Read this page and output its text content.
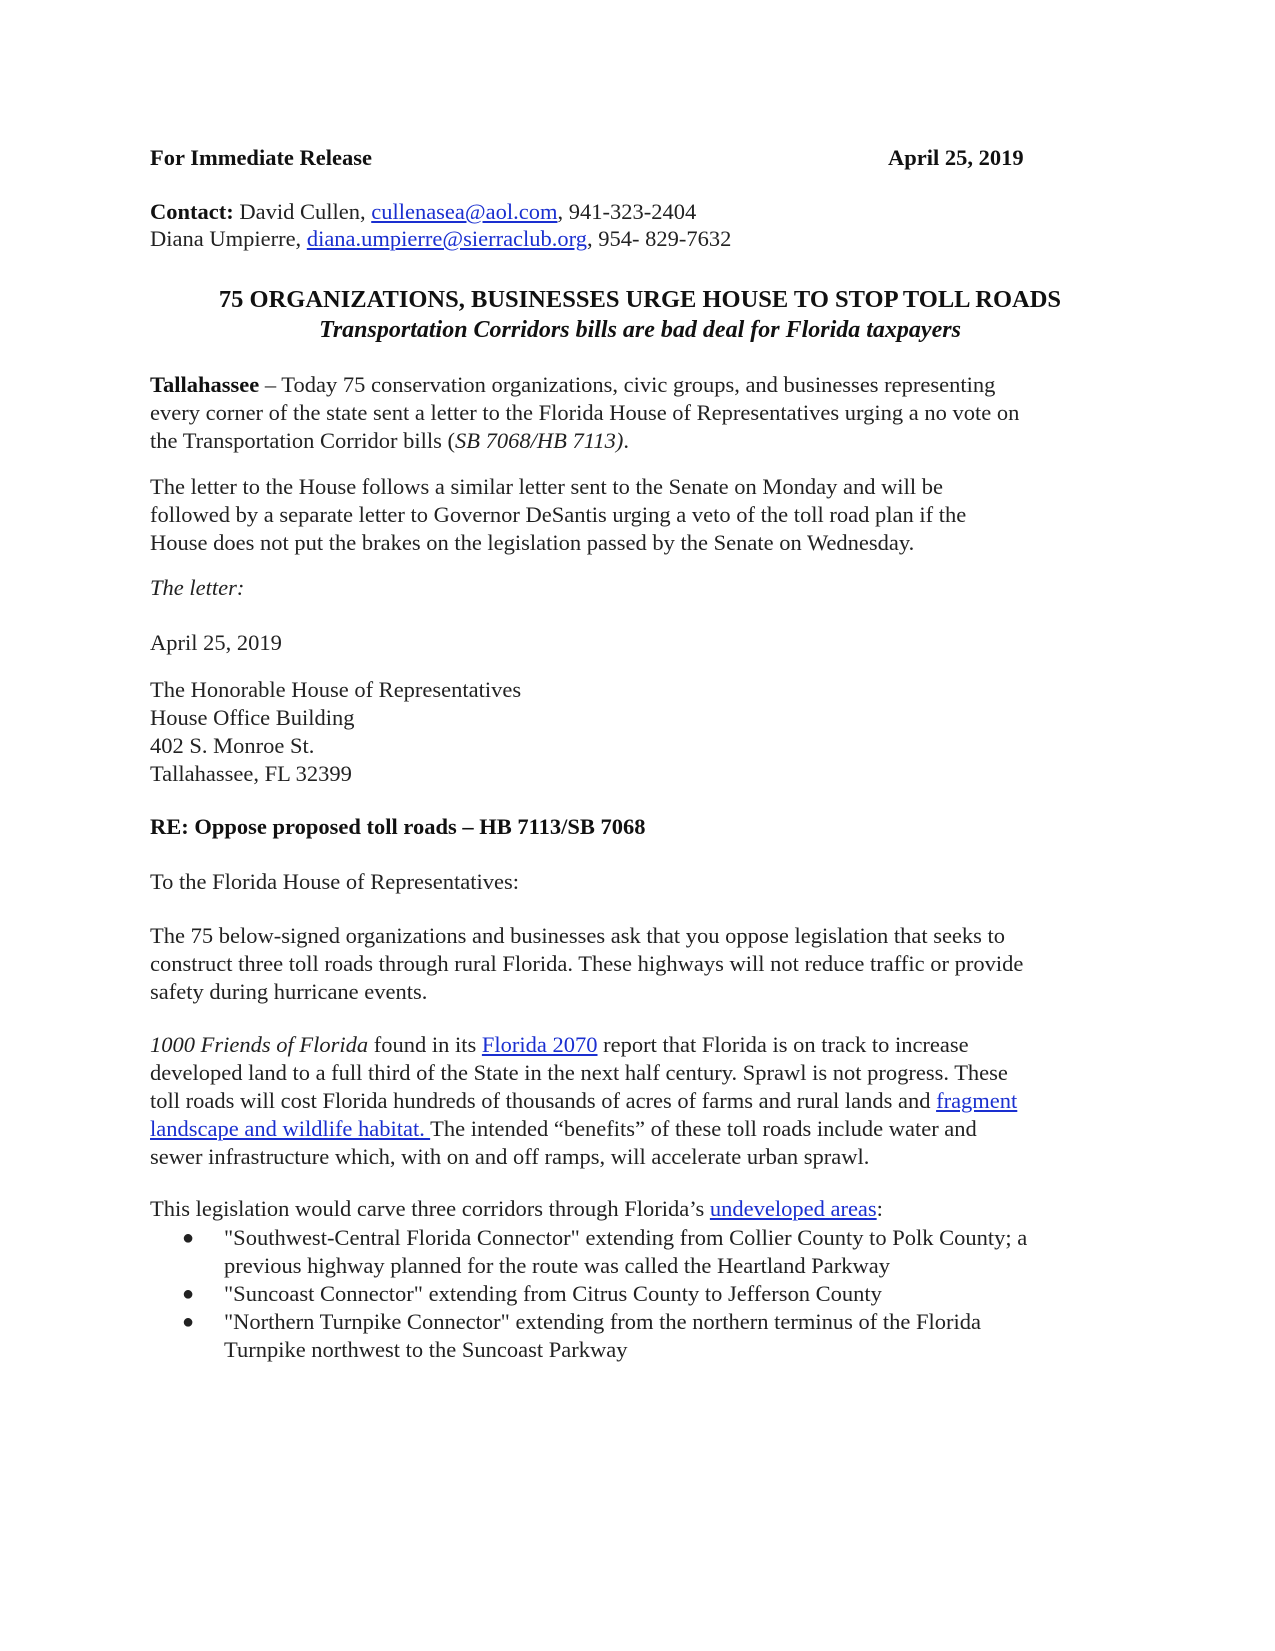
For Immediate Release	April 25, 2019
Contact: David Cullen, cullenasea@aol.com, 941-323-2404
Diana Umpierre, diana.umpierre@sierraclub.org, 954- 829-7632
75 ORGANIZATIONS, BUSINESSES URGE HOUSE TO STOP TOLL ROADS
Transportation Corridors bills are bad deal for Florida taxpayers
Tallahassee – Today 75 conservation organizations, civic groups, and businesses representing
every corner of the state sent a letter to the Florida House of Representatives urging a no vote on
the Transportation Corridor bills (SB 7068/HB 7113).
The letter to the House follows a similar letter sent to the Senate on Monday and will be
followed by a separate letter to Governor DeSantis urging a veto of the toll road plan if the
House does not put the brakes on the legislation passed by the Senate on Wednesday.
The letter:
April 25, 2019
The Honorable House of Representatives
House Office Building
402 S. Monroe St.
Tallahassee, FL 32399
RE: Oppose proposed toll roads – HB 7113/SB 7068
To the Florida House of Representatives:
The 75 below-signed organizations and businesses ask that you oppose legislation that seeks to
construct three toll roads through rural Florida. These highways will not reduce traffic or provide
safety during hurricane events.
1000 Friends of Florida found in its Florida 2070 report that Florida is on track to increase
developed land to a full third of the State in the next half century. Sprawl is not progress. These
toll roads will cost Florida hundreds of thousands of acres of farms and rural lands and fragment
landscape and wildlife habitat. The intended “benefits” of these toll roads include water and
sewer infrastructure which, with on and off ramps, will accelerate urban sprawl.
This legislation would carve three corridors through Florida’s undeveloped areas:
● "Southwest-Central Florida Connector" extending from Collier County to Polk County; a
previous highway planned for the route was called the Heartland Parkway
● "Suncoast Connector" extending from Citrus County to Jefferson County
● "Northern Turnpike Connector" extending from the northern terminus of the Florida
Turnpike northwest to the Suncoast Parkway
